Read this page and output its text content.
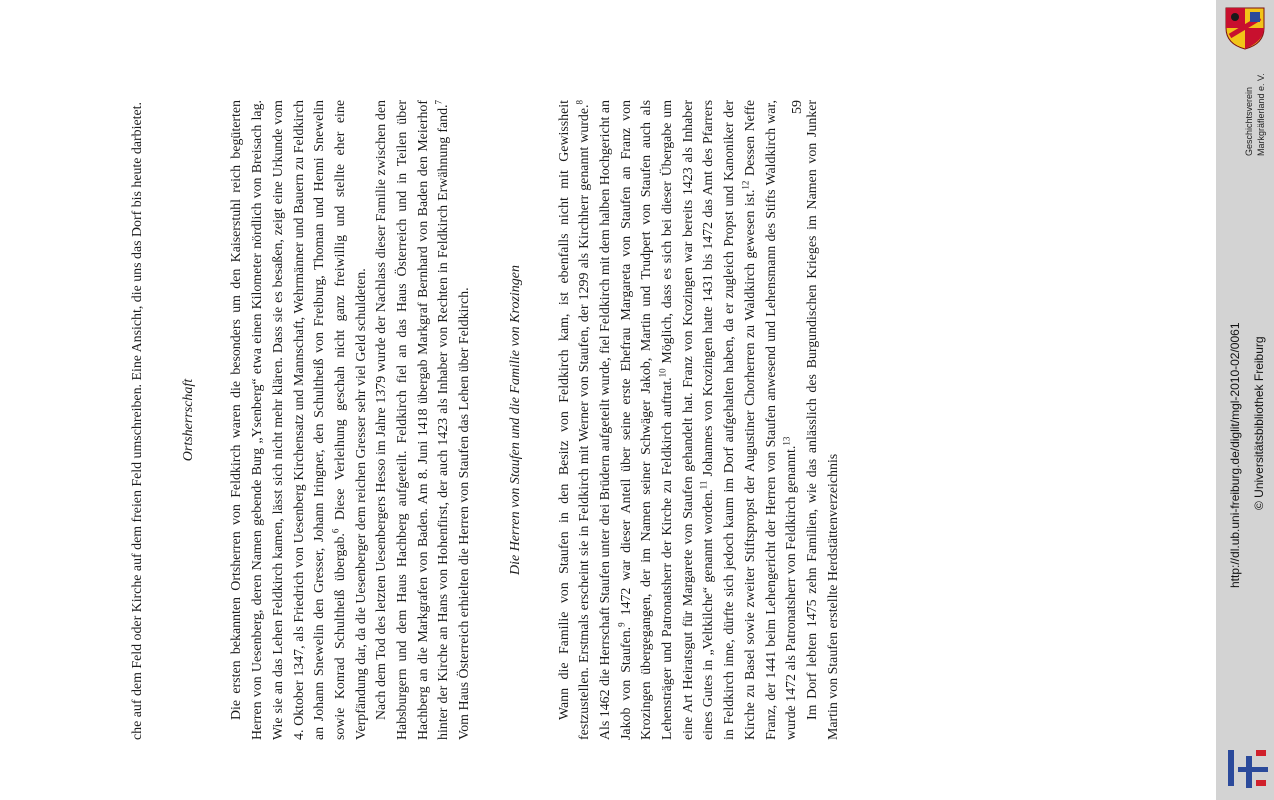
che auf dem Feld oder Kirche auf dem freien Feld umschreiben. Eine Ansicht, die uns das Dorf bis heute darbietet.	Ortsherrschaft Die ersten bekannten Ortsherren von Feldkirch waren die besonders um den Kaiserstuhl reich begüterten Herren von Uesenberg, deren Namen gebende Burg „Ysenberg“ etwa einen Kilometer nördlich von Breisach lag. Wie sie an das Lehen Feldkirch kamen, lässt sich nicht mehr klären. Dass sie es besaßen, zeigt eine Urkunde vom 4. Oktober 1347, als Friedrich von Uesenberg Kirchensatz und Mannschaft, Wehrmänner und Bauern zu Feldkirch an Johann Snewelin den Gresser, Johann Iringner, den Schultheiß von Freiburg, Thoman und Henni Snewelin sowie Konrad Schultheiß übergab.$^6$ Diese Verleihung geschah nicht ganz freiwillig und stellte eher eine Verpfändung dar, da die Uesenberger dem reichen Gresser sehr viel Geld schuldeten. Nach dem Tod des letzten Uesenbergers Hesso im Jahre 1379 wurde der Nachlass dieser Familie zwischen den Habsburgern und dem Haus Hachberg aufgeteilt. Feldkirch fiel an das Haus Österreich und in Teilen über Hachberg an die Markgrafen von Baden. Am 8. Juni 1418 übergab Markgraf Bernhard von Baden den Meierhof hinter der Kirche an Hans von Hohenfirst, der auch 1423 als Inhaber von Rechten in Feldkirch Erwähnung fand.$^7$ Vom Haus Österreich erhielten die Herren von Staufen das Lehen über Feldkirch.	Die Herren von Staufen und die Familie von Krozingen Wann die Familie von Staufen in den Besitz von Feldkirch kam, ist ebenfalls nicht mit Gewissheit festzustellen. Erstmals erscheint sie in Feldkirch mit Werner von Staufen, der 1299 als Kirchherr genannt wurde.$^8$ Als 1462 die Herrschaft Staufen unter drei Brüdern aufgeteilt wurde, fiel Feldkirch mit dem halben Hochgericht an Jakob von Staufen.$^9$ 1472 war dieser Anteil über seine erste Ehefrau Margareta von Staufen an Franz von Krozingen übergegangen, der im Namen seiner Schwäger Jakob, Martin und Trudpert von Staufen auch als Lehensträger und Patronatsherr der Kirche zu Feldkirch auftrat.$^{10}$ Möglich, dass es sich bei dieser Übergabe um eine Art Heiratsgut für Margarete von Staufen gehandelt hat. Franz von Krozingen war bereits 1423 als Inhaber eines Gutes in „Veltkilche“ genannt worden.$^{11}$ Johannes von Krozingen hatte 1431 bis 1472 das Amt des Pfarrers in Feldkirch inne, dürfte sich jedoch kaum im Dorf aufgehalten haben, da er zugleich Propst und Kanoniker der Kirche zu Basel sowie zweiter Stiftspropst der Augustiner Chorherren zu Waldkirch gewesen ist.$^{12}$ Dessen Neffe Franz, der 1441 beim Lehengericht der Herren von Staufen anwesend und Lehensmann des Stifts Waldkirch war, wurde 1472 als Patronatsherr von Feldkirch genannt.$^{13}$ Im Dorf lebten 1475 zehn Familien, wie das anlässlich des Burgundischen Krieges im Namen von Junker Martin von Staufen erstellte Herdstättenverzeichnis

59	Geschichtsverein Markgräflerland e. V.
http://dl.ub.uni-freiburg.de/diglit/mgl-2010-02/0061 © Universitätsbibliothek Freiburg
